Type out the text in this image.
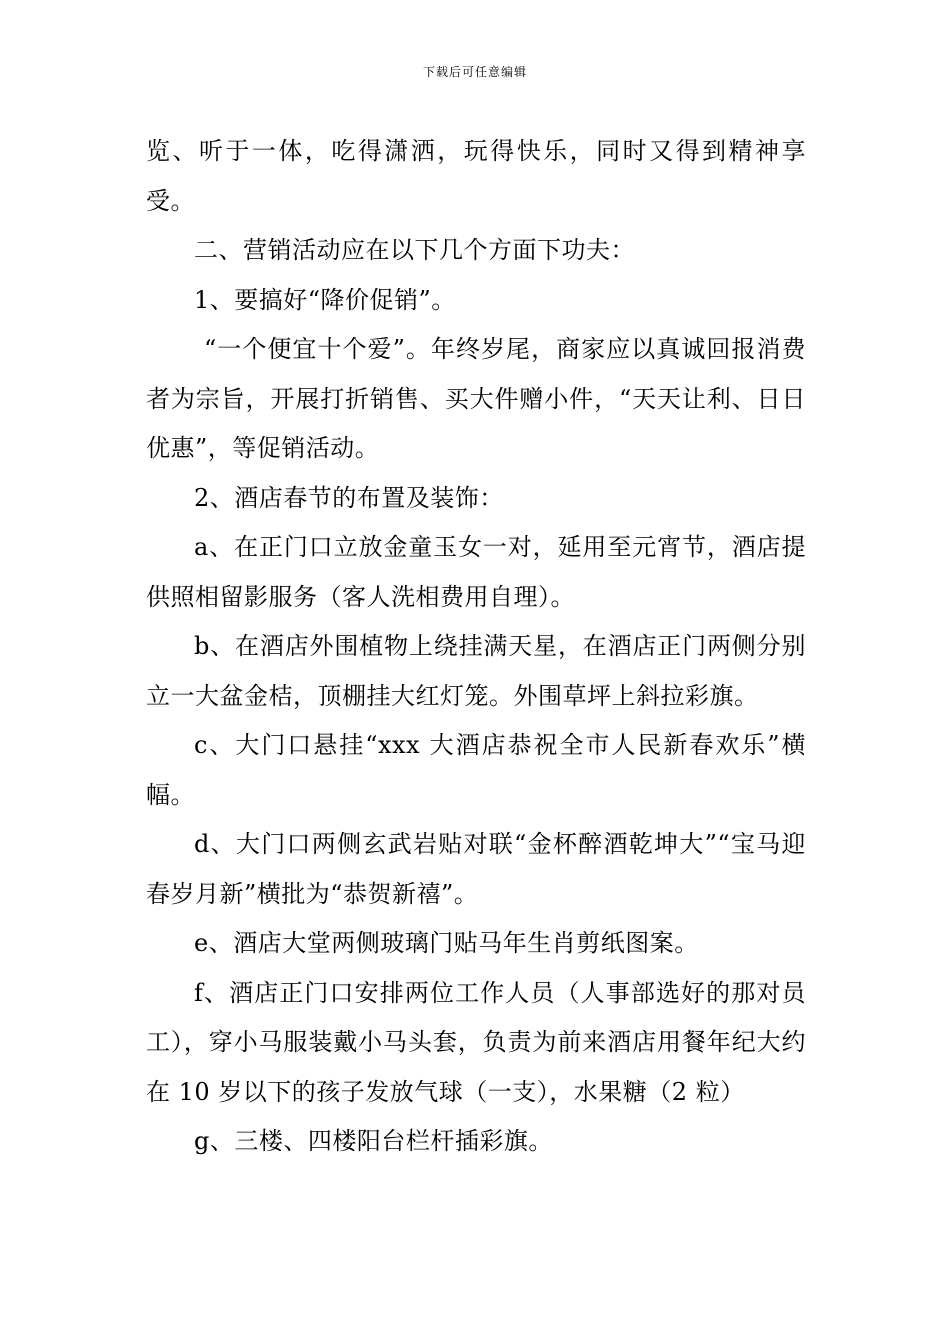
下载后可任意编辑

览、听于一体，吃得潇洒，玩得快乐，同时又得到精神享受。

二、营销活动应在以下几个方面下功夫：

1、要搞好“降价促销”。

“一个便宜十个爱”。年终岁尾，商家应以真诚回报消费者为宗旨，开展打折销售、买大件赠小件，“天天让利、日日优惠”，等促销活动。

2、酒店春节的布置及装饰：

a、在正门口立放金童玉女一对，延用至元宵节，酒店提供照相留影服务（客人洗相费用自理）。

b、在酒店外围植物上绕挂满天星，在酒店正门两侧分别立一大盆金桔，顶棚挂大红灯笼。外围草坪上斜拉彩旗。

c、大门口悬挂“xxx 大酒店恭祝全市人民新春欢乐”横幅。

d、大门口两侧玄武岩贴对联“金杯醉酒乾坤大”“宝马迎春岁月新”横批为“恭贺新禧”。

e、酒店大堂两侧玻璃门贴马年生肖剪纸图案。

f、酒店正门口安排两位工作人员（人事部选好的那对员工），穿小马服装戴小马头套，负责为前来酒店用餐年纪大约在 10 岁以下的孩子发放气球（一支），水果糖（2 粒）

g、三楼、四楼阳台栏杆插彩旗。
